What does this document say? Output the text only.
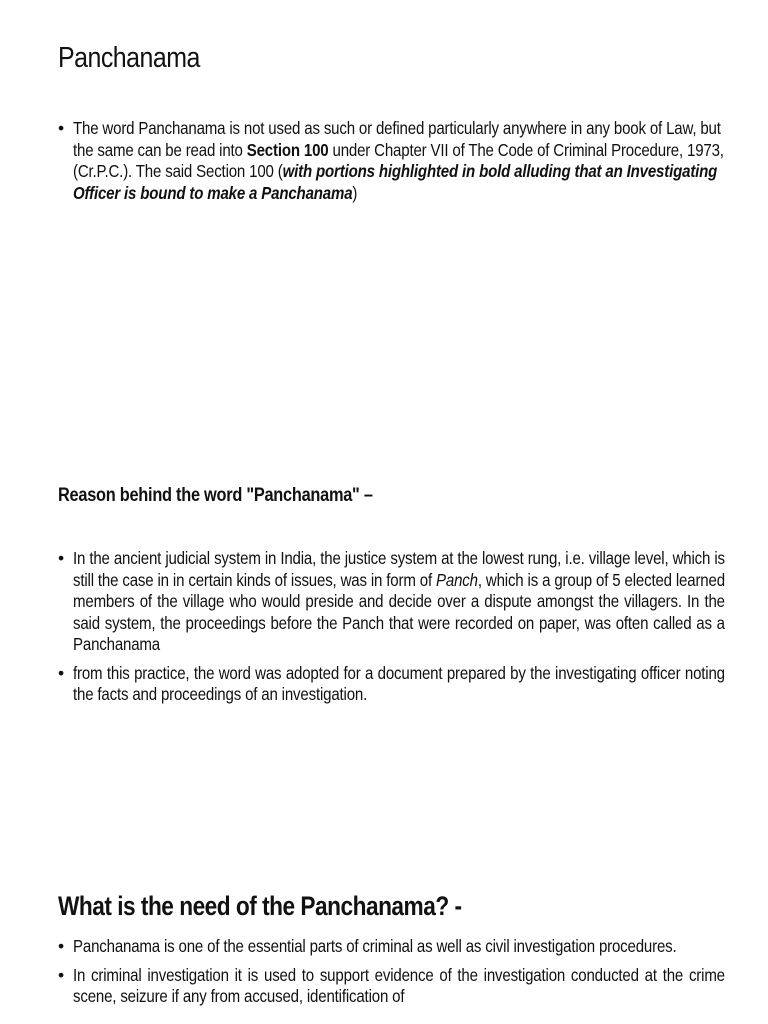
Panchanama
• The word Panchanama is not used as such or defined particularly anywhere in any book of Law, but the same can be read into Section 100 under Chapter VII of The Code of Criminal Procedure, 1973, (Cr.P.C.). The said Section 100 (with portions highlighted in bold alluding that an Investigating Officer is bound to make a Panchanama)
Reason behind the word "Panchanama" –
• In the ancient judicial system in India, the justice system at the lowest rung, i.e. village level, which is still the case in in certain kinds of issues, was in form of Panch, which is a group of 5 elected learned members of the village who would preside and decide over a dispute amongst the villagers. In the said system, the proceedings before the Panch that were recorded on paper, was often called as a Panchanama
• from this practice, the word was adopted for a document prepared by the investigating officer noting the facts and proceedings of an investigation.
What is the need of the Panchanama? -
• Panchanama is one of the essential parts of criminal as well as civil investigation procedures.
• In criminal investigation it is used to support evidence of the investigation conducted at the crime scene, seizure if any from accused, identification of
